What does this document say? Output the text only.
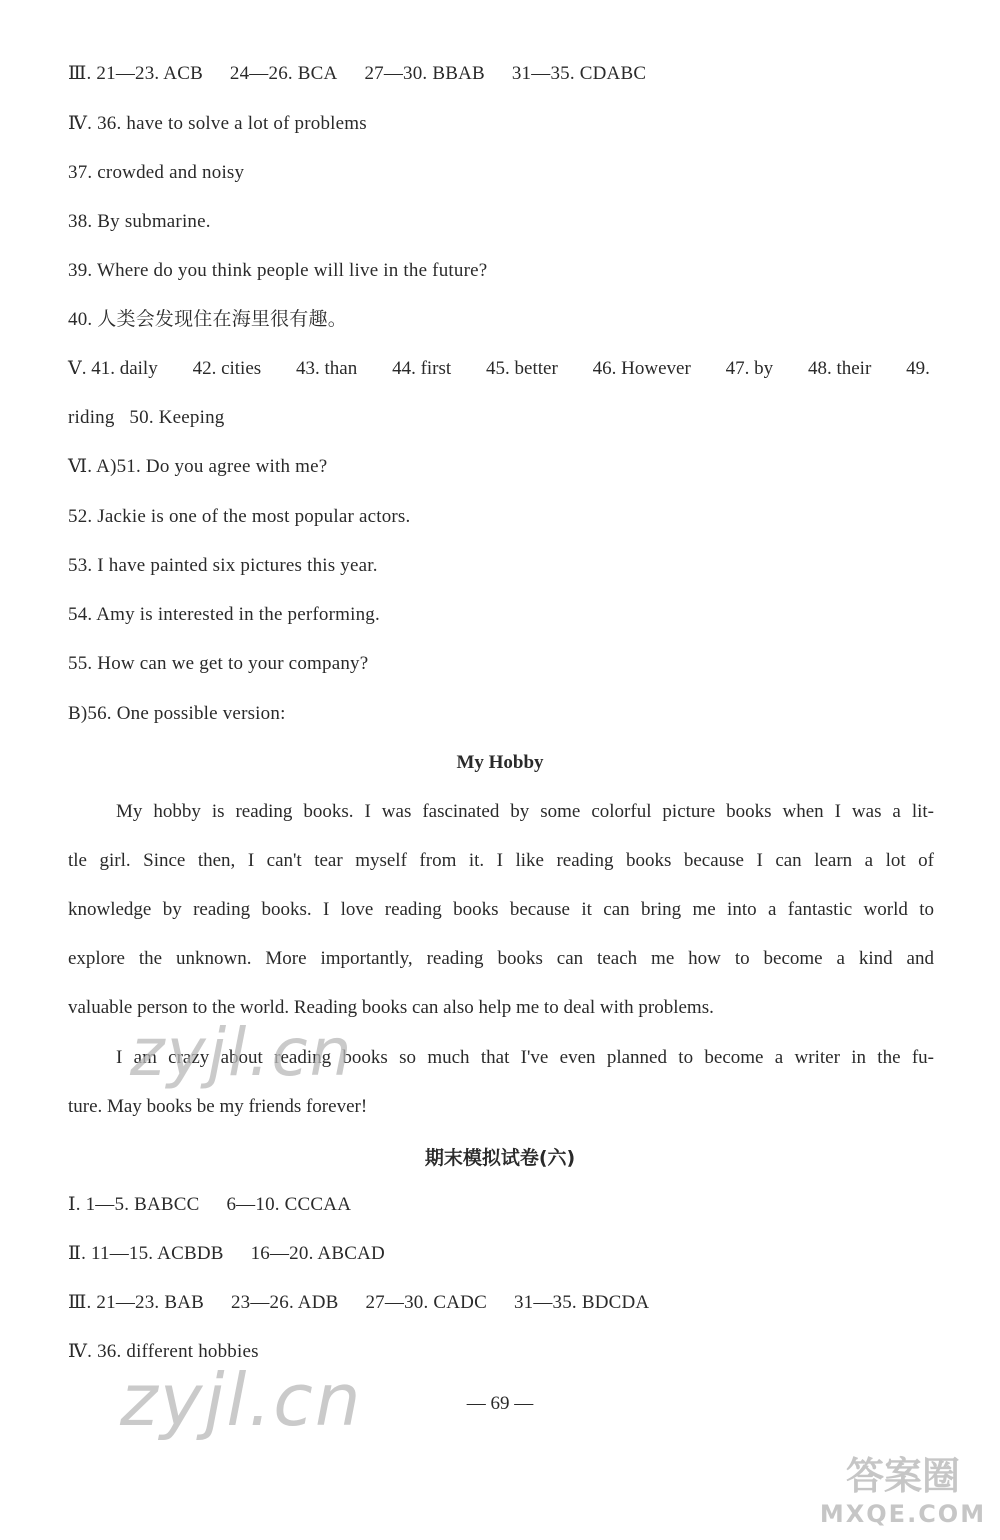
Ⅲ. 21—23. ACB 24—26. BCA 27—30. BBAB 31—35. CDABC
Ⅳ. 36. have to solve a lot of problems
37. crowded and noisy
38. By submarine.
39. Where do you think people will live in the future?
40. 人类会发现住在海里很有趣。
Ⅴ. 41. daily 42. cities 43. than 44. first 45. better 46. However 47. by 48. their 49.
riding   50. Keeping
Ⅵ. A)51. Do you agree with me?
52. Jackie is one of the most popular actors.
53. I have painted six pictures this year.
54. Amy is interested in the performing.
55. How can we get to your company?
B)56. One possible version:
My Hobby
My hobby is reading books. I was fascinated by some colorful picture books when I was a lit-
tle girl. Since then, I can't tear myself from it. I like reading books because I can learn a lot of
knowledge by reading books. I love reading books because it can bring me into a fantastic world to
explore the unknown. More importantly, reading books can teach me how to become a kind and
valuable person to the world. Reading books can also help me to deal with problems.
I am crazy about reading books so much that I've even planned to become a writer in the fu-
ture. May books be my friends forever!
期末模拟试卷(六)
Ⅰ. 1—5. BABCC 6—10. CCCAA
Ⅱ. 11—15. ACBDB 16—20. ABCAD
Ⅲ. 21—23. BAB 23—26. ADB 27—30. CADC 31—35. BDCDA
Ⅳ. 36. different hobbies
— 69 —
zyjl.cn
zyjl.cn
答案圈
MXQE.COM
